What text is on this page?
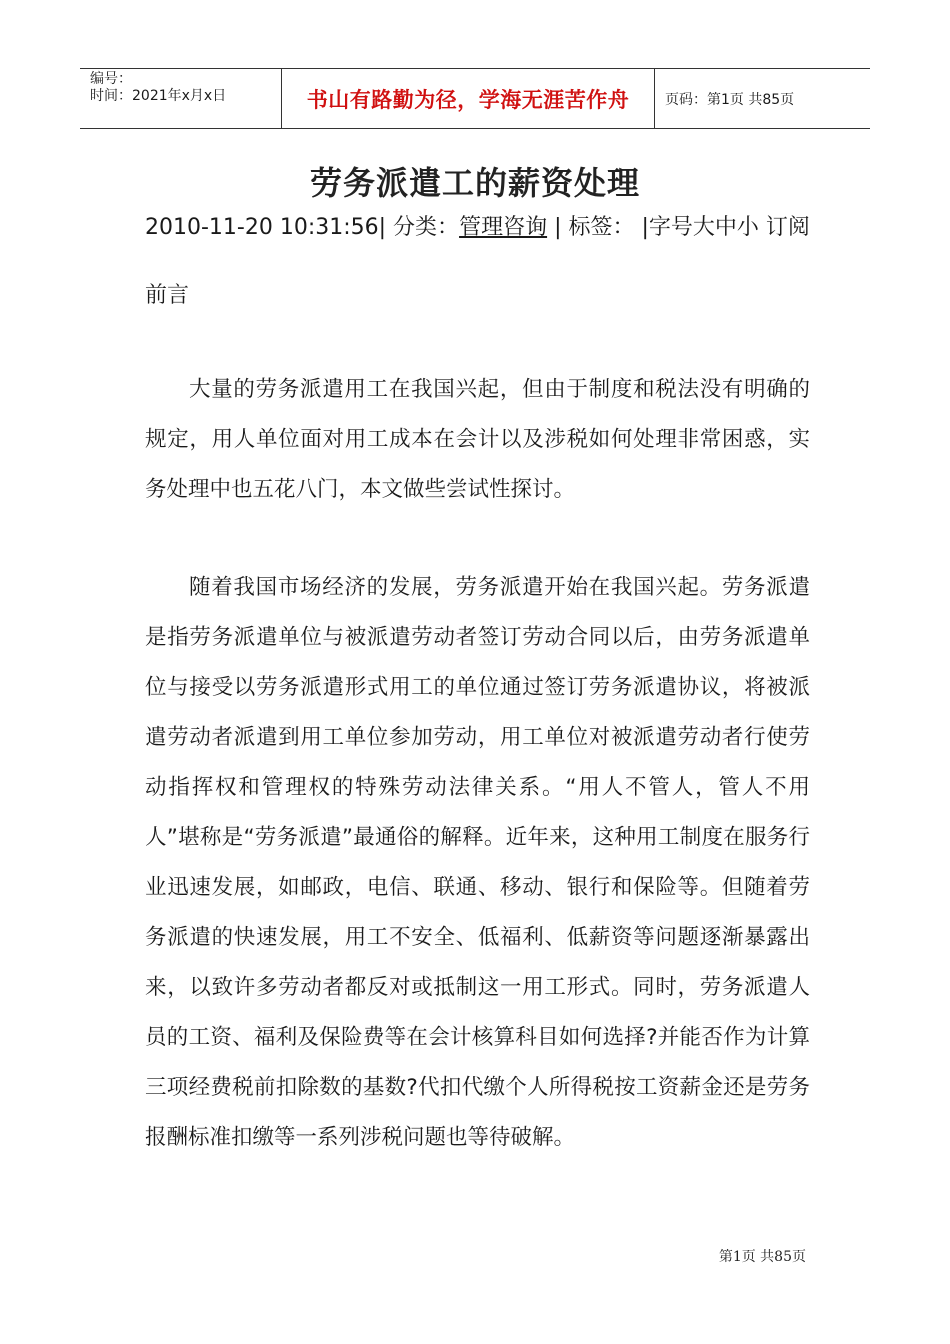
编号：
时间：2021年x月x日	书山有路勤为径，学海无涯苦作舟	页码：第1页 共85页
劳务派遣工的薪资处理
2010-11-20 10:31:56| 分类：管理咨询 | 标签： |字号大中小 订阅
前言
大量的劳务派遣用工在我国兴起，但由于制度和税法没有明确的规定，用人单位面对用工成本在会计以及涉税如何处理非常困惑，实务处理中也五花八门，本文做些尝试性探讨。
随着我国市场经济的发展，劳务派遣开始在我国兴起。劳务派遣是指劳务派遣单位与被派遣劳动者签订劳动合同以后，由劳务派遣单位与接受以劳务派遣形式用工的单位通过签订劳务派遣协议，将被派遣劳动者派遣到用工单位参加劳动，用工单位对被派遣劳动者行使劳动指挥权和管理权的特殊劳动法律关系。“用人不管人，管人不用人”堪称是“劳务派遣”最通俗的解释。近年来，这种用工制度在服务行业迅速发展，如邮政，电信、联通、移动、银行和保险等。但随着劳务派遣的快速发展，用工不安全、低福利、低薪资等问题逐渐暴露出来，以致许多劳动者都反对或抵制这一用工形式。同时，劳务派遣人员的工资、福利及保险费等在会计核算科目如何选择?并能否作为计算三项经费税前扣除数的基数?代扣代缴个人所得税按工资薪金还是劳务报酬标准扣缴等一系列涉税问题也等待破解。
第1页 共85页
